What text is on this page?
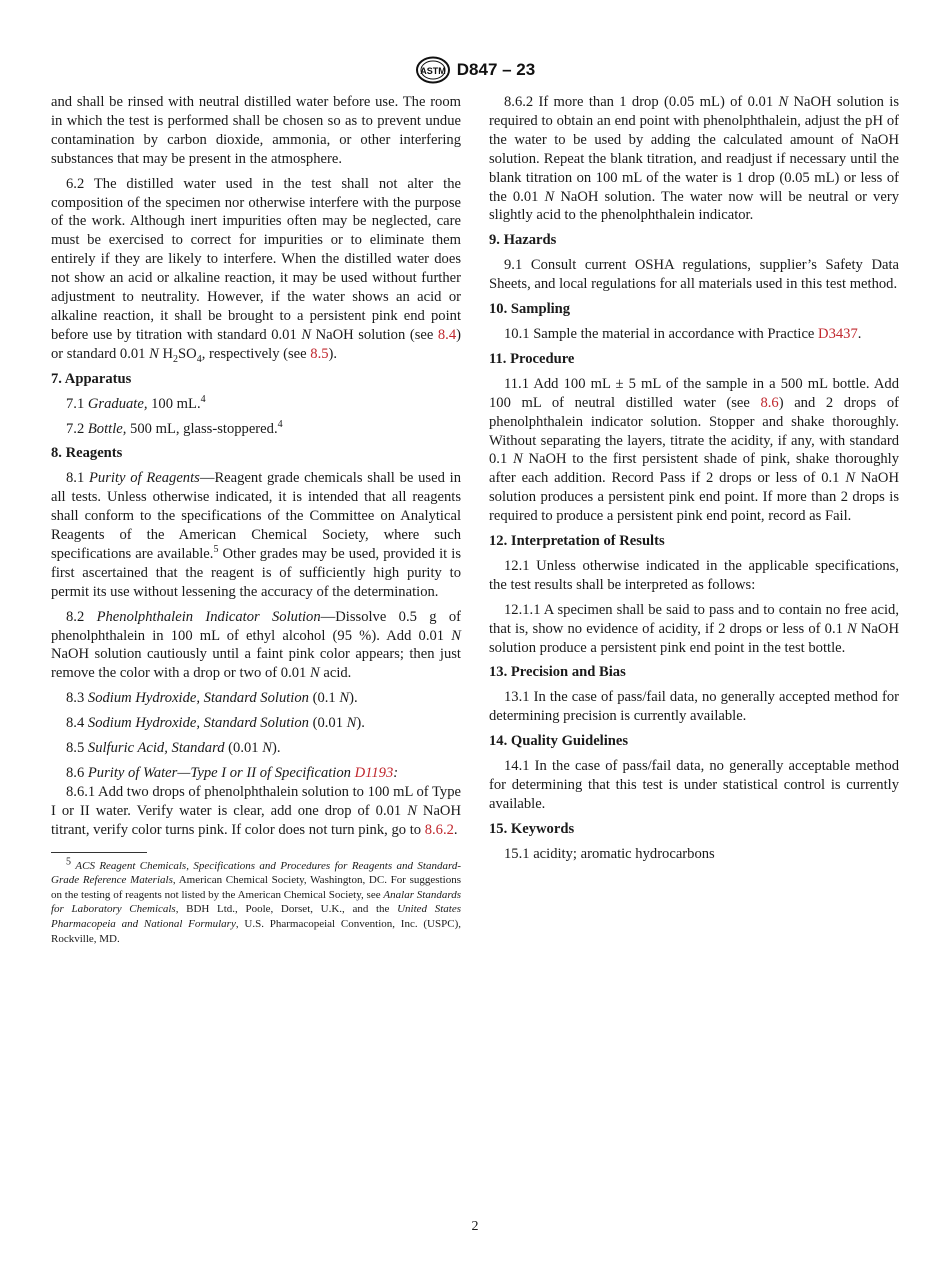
ASTM D847 – 23

and shall be rinsed with neutral distilled water before use. The room in which the test is performed shall be chosen so as to prevent undue contamination by carbon dioxide, ammonia, or other interfering substances that may be present in the atmosphere.

6.2 The distilled water used in the test shall not alter the composition of the specimen nor otherwise interfere with the purpose of the work. Although inert impurities often may be neglected, care must be exercised to correct for impurities or to eliminate them entirely if they are likely to interfere. When the distilled water does not show an acid or alkaline reaction, it may be used without further adjustment to neutrality. However, if the water shows an acid or alkaline reaction, it shall be brought to a persistent pink end point before use by titration with standard 0.01 N NaOH solution (see 8.4) or standard 0.01 N $H_2SO_4$, respectively (see 8.5).

7. Apparatus

7.1 Graduate, 100 mL.$^4$

7.2 Bottle, 500 mL, glass-stoppered.$^4$

8. Reagents

8.1 Purity of Reagents—Reagent grade chemicals shall be used in all tests. Unless otherwise indicated, it is intended that all reagents shall conform to the specifications of the Committee on Analytical Reagents of the American Chemical Society, where such specifications are available.$^5$ Other grades may be used, provided it is first ascertained that the reagent is of sufficiently high purity to permit its use without lessening the accuracy of the determination.

8.2 Phenolphthalein Indicator Solution—Dissolve 0.5 g of phenolphthalein in 100 mL of ethyl alcohol (95 %). Add 0.01 N NaOH solution cautiously until a faint pink color appears; then just remove the color with a drop or two of 0.01 N acid.

8.3 Sodium Hydroxide, Standard Solution (0.1 N).

8.4 Sodium Hydroxide, Standard Solution (0.01 N).

8.5 Sulfuric Acid, Standard (0.01 N).

8.6 Purity of Water—Type I or II of Specification D1193:

8.6.1 Add two drops of phenolphthalein solution to 100 mL of Type I or II water. Verify water is clear, add one drop of 0.01 N NaOH titrant, verify color turns pink. If color does not turn pink, go to 8.6.2.

$^5$ ACS Reagent Chemicals, Specifications and Procedures for Reagents and Standard-Grade Reference Materials, American Chemical Society, Washington, DC. For suggestions on the testing of reagents not listed by the American Chemical Society, see Analar Standards for Laboratory Chemicals, BDH Ltd., Poole, Dorset, U.K., and the United States Pharmacopeia and National Formulary, U.S. Pharmacopeial Convention, Inc. (USPC), Rockville, MD.

8.6.2 If more than 1 drop (0.05 mL) of 0.01 N NaOH solution is required to obtain an end point with phenolphthalein, adjust the pH of the water to be used by adding the calculated amount of NaOH solution. Repeat the blank titration, and readjust if necessary until the blank titration on 100 mL of the water is 1 drop (0.05 mL) or less of the 0.01 N NaOH solution. The water now will be neutral or very slightly acid to the phenolphthalein indicator.

9. Hazards

9.1 Consult current OSHA regulations, supplier’s Safety Data Sheets, and local regulations for all materials used in this test method.

10. Sampling

10.1 Sample the material in accordance with Practice D3437.

11. Procedure

11.1 Add 100 mL ± 5 mL of the sample in a 500 mL bottle. Add 100 mL of neutral distilled water (see 8.6) and 2 drops of phenolphthalein indicator solution. Stopper and shake thoroughly. Without separating the layers, titrate the acidity, if any, with standard 0.1 N NaOH to the first persistent shade of pink, shake thoroughly after each addition. Record Pass if 2 drops or less of 0.1 N NaOH solution produces a persistent pink end point. If more than 2 drops is required to produce a persistent pink end point, record as Fail.

12. Interpretation of Results

12.1 Unless otherwise indicated in the applicable specifications, the test results shall be interpreted as follows:

12.1.1 A specimen shall be said to pass and to contain no free acid, that is, show no evidence of acidity, if 2 drops or less of 0.1 N NaOH solution produce a persistent pink end point in the test bottle.

13. Precision and Bias

13.1 In the case of pass/fail data, no generally accepted method for determining precision is currently available.

14. Quality Guidelines

14.1 In the case of pass/fail data, no generally acceptable method for determining that this test is under statistical control is currently available.

15. Keywords

15.1 acidity; aromatic hydrocarbons

2
